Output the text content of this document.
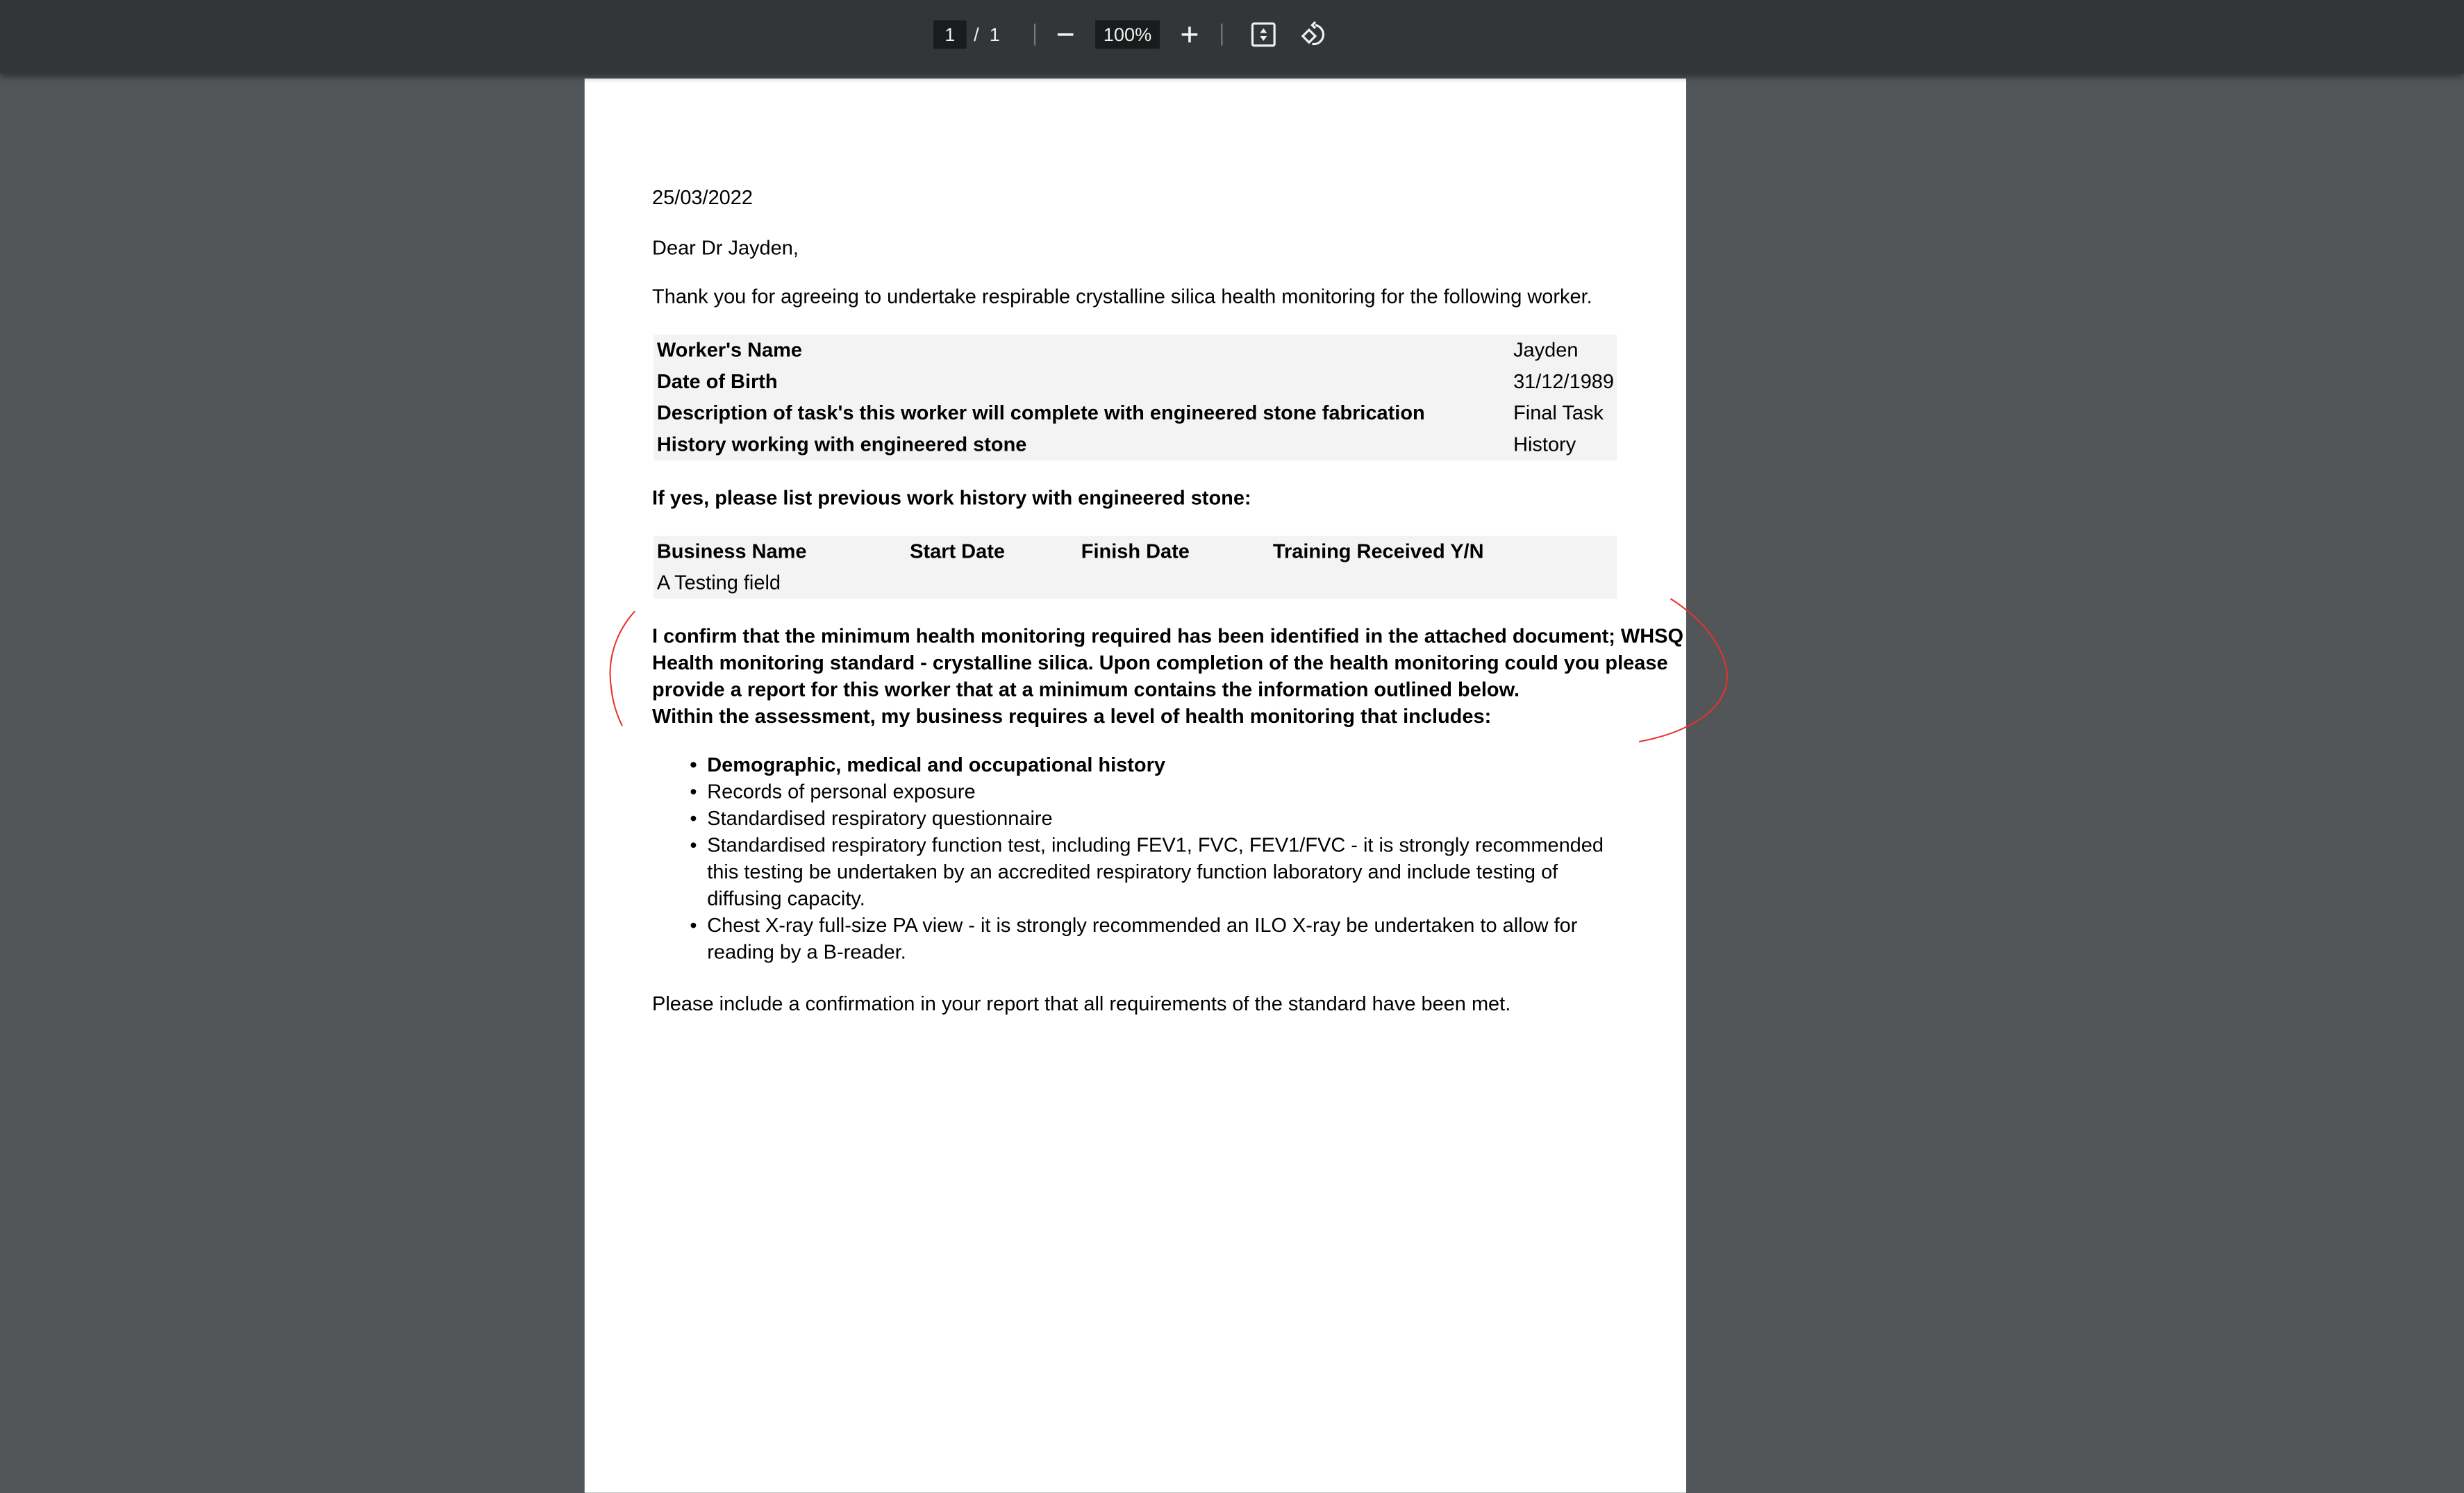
1	/ 1	100%
25/03/2022
Dear Dr Jayden,
Thank you for agreeing to undertake respirable crystalline silica health monitoring for the following worker.
Worker's Name	Jayden
Date of Birth	31/12/1989
Description of task's this worker will complete with engineered stone fabrication	Final Task
History working with engineered stone	History
If yes, please list previous work history with engineered stone:
Business Name	Start Date	Finish Date	Training Received Y/N
A Testing field
I confirm that the minimum health monitoring required has been identified in the attached document; WHSQ
Health monitoring standard - crystalline silica. Upon completion of the health monitoring could you please
provide a report for this worker that at a minimum contains the information outlined below.
Within the assessment, my business requires a level of health monitoring that includes:
• Demographic, medical and occupational history
• Records of personal exposure
• Standardised respiratory questionnaire
• Standardised respiratory function test, including FEV1, FVC, FEV1/FVC - it is strongly recommended this testing be undertaken by an accredited respiratory function laboratory and include testing of diffusing capacity.
• Chest X-ray full-size PA view - it is strongly recommended an ILO X-ray be undertaken to allow for reading by a B-reader.
Please include a confirmation in your report that all requirements of the standard have been met.
